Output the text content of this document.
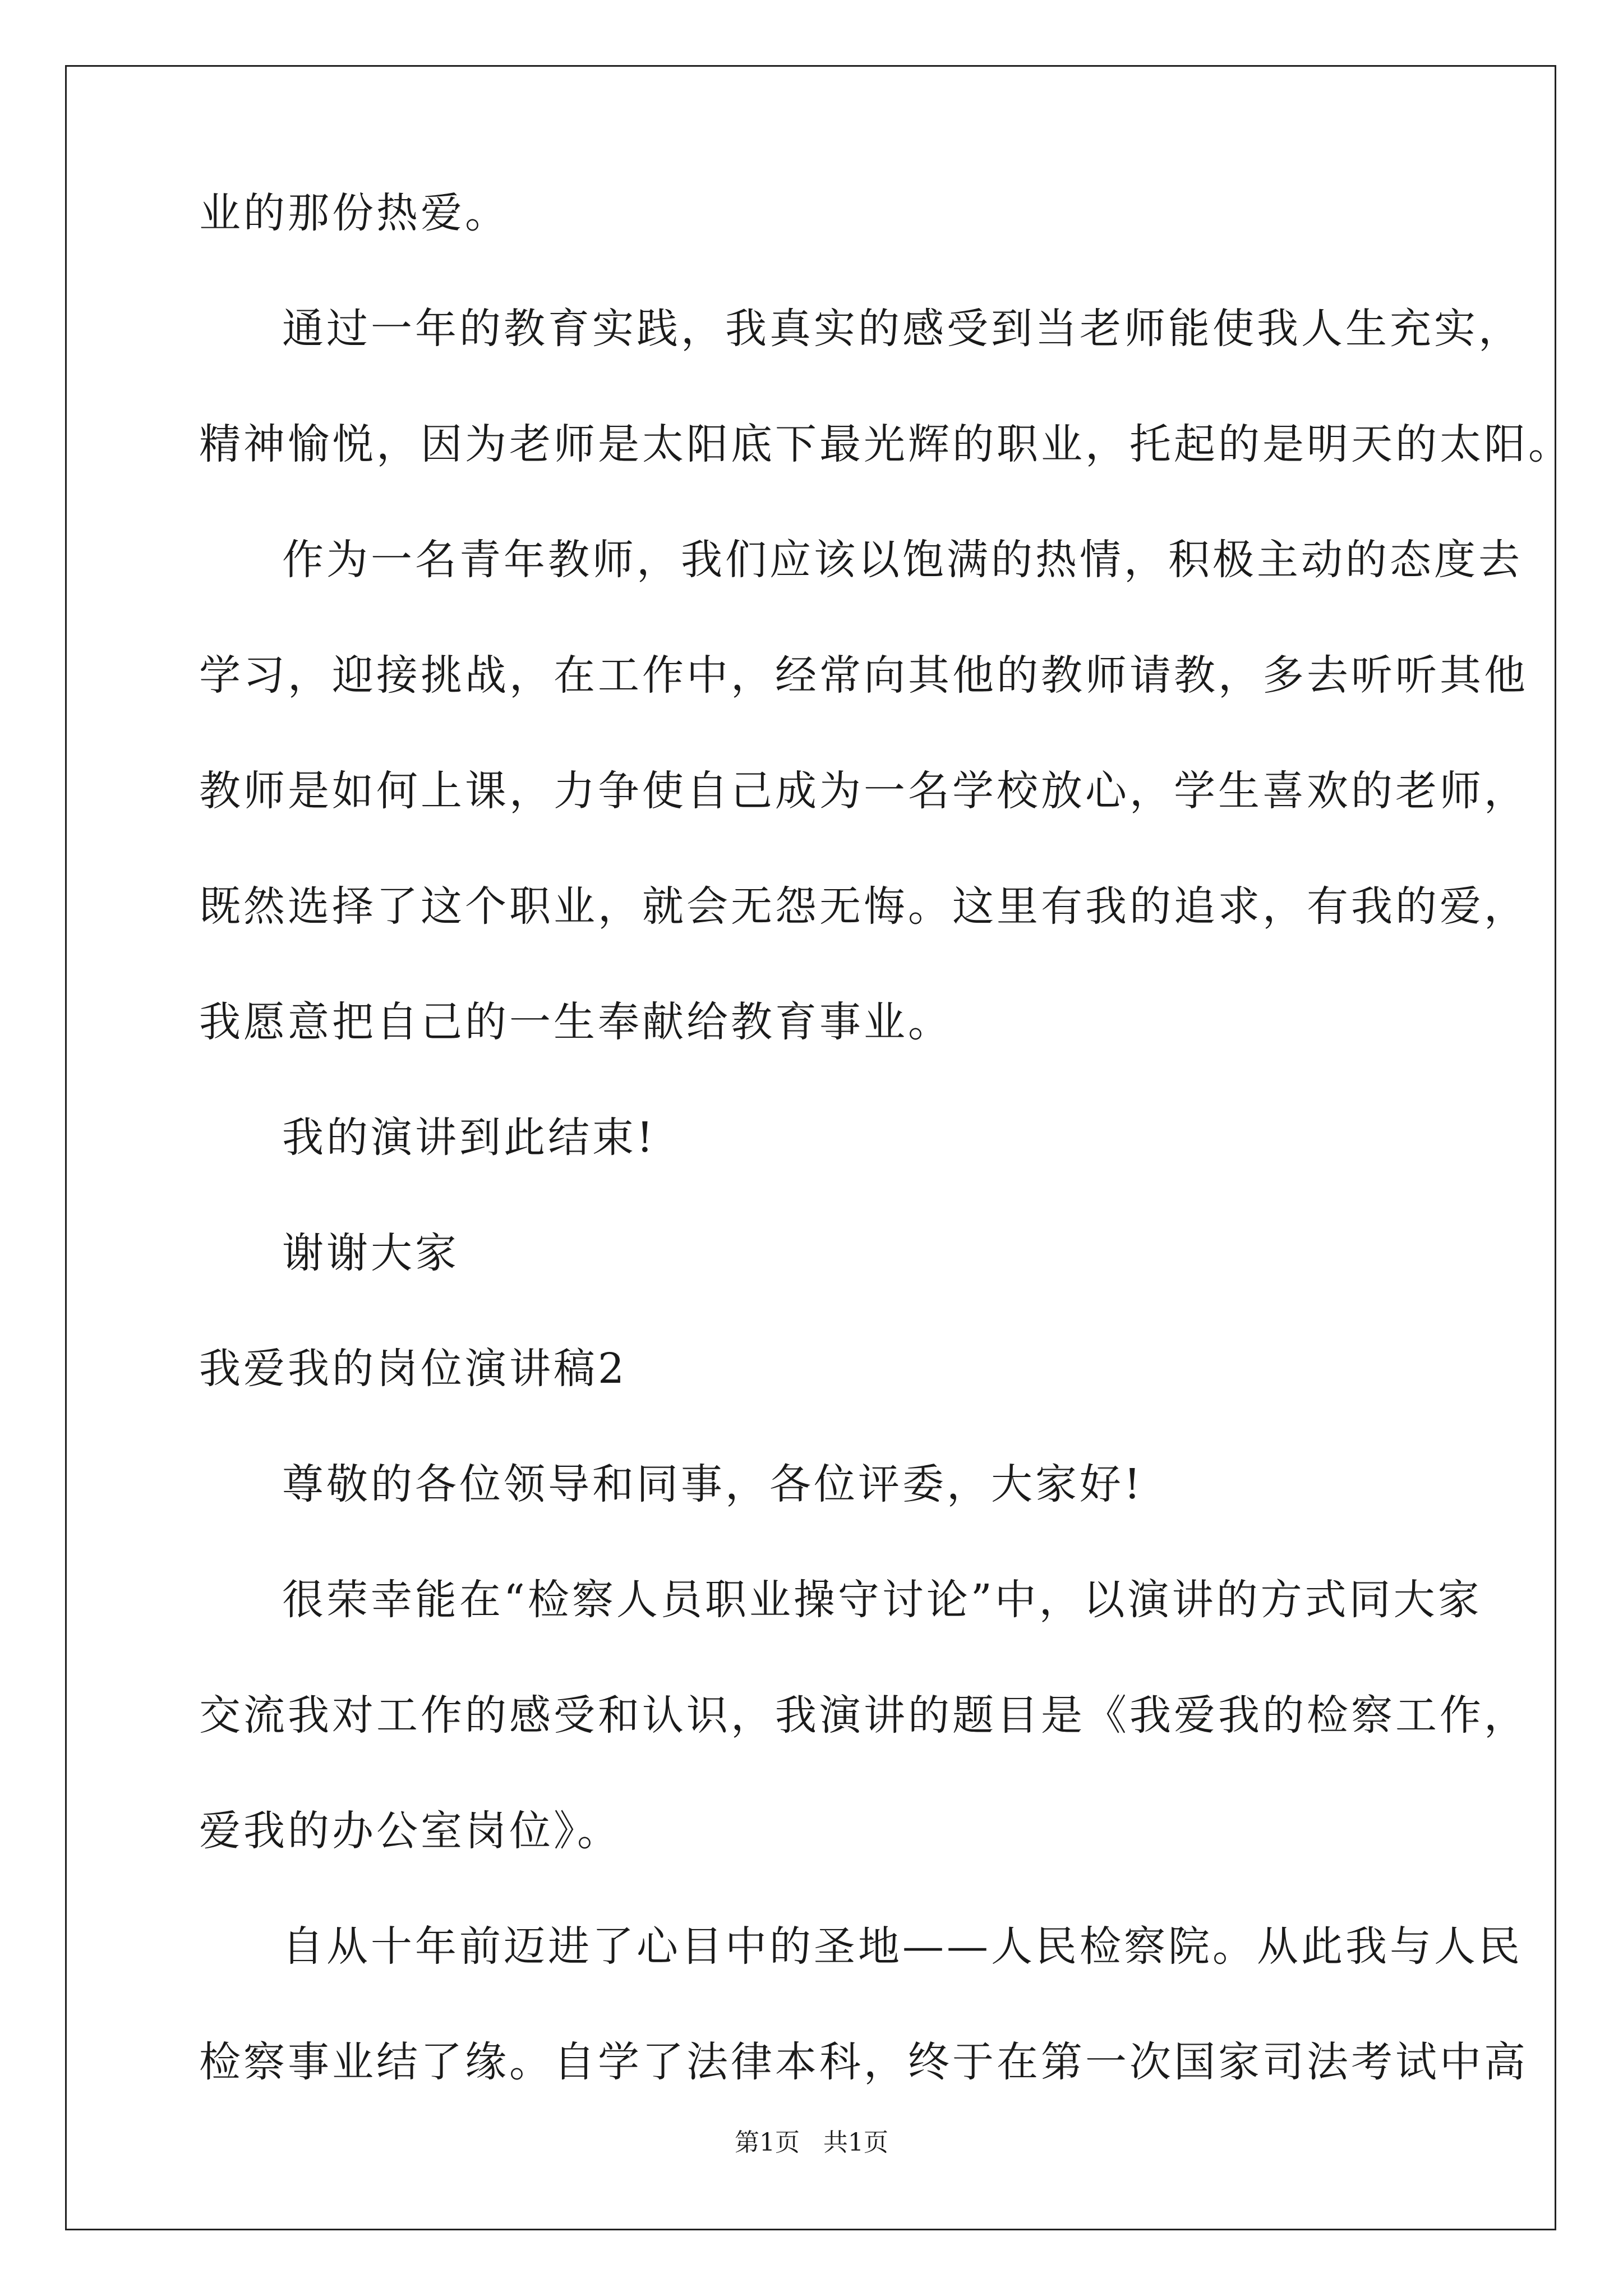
业的那份热爱。
通过一年的教育实践，我真实的感受到当老师能使我人生充实，
精神愉悦，因为老师是太阳底下最光辉的职业，托起的是明天的太阳。
作为一名青年教师，我们应该以饱满的热情，积极主动的态度去
学习，迎接挑战，在工作中，经常向其他的教师请教，多去听听其他
教师是如何上课，力争使自己成为一名学校放心，学生喜欢的老师，
既然选择了这个职业，就会无怨无悔。这里有我的追求，有我的爱，
我愿意把自己的一生奉献给教育事业。
我的演讲到此结束!
谢谢大家
我爱我的岗位演讲稿2
尊敬的各位领导和同事，各位评委，大家好!
很荣幸能在“检察人员职业操守讨论”中，以演讲的方式同大家
交流我对工作的感受和认识，我演讲的题目是《我爱我的检察工作，
爱我的办公室岗位》。
自从十年前迈进了心目中的圣地——人民检察院。从此我与人民
检察事业结了缘。自学了法律本科，终于在第一次国家司法考试中高
第1页   共1页
